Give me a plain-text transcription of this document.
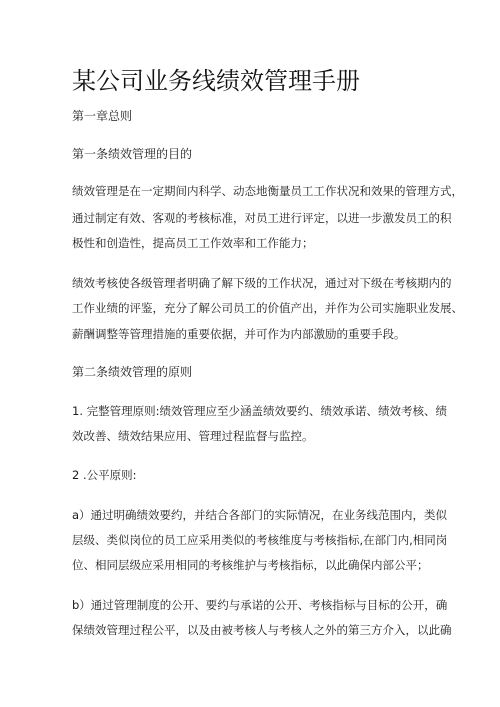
某公司业务线绩效管理手册

第一章总则

第一条绩效管理的目的

绩效管理是在一定期间内科学、动态地衡量员工工作状况和效果的管理方式，

通过制定有效、客观的考核标准，对员工进行评定，以进一步激发员工的积

极性和创造性，提高员工工作效率和工作能力；

绩效考核使各级管理者明确了解下级的工作状况，通过对下级在考核期内的

工作业绩的评鉴，充分了解公司员工的价值产出，并作为公司实施职业发展、

薪酬调整等管理措施的重要依据，并可作为内部激励的重要手段。

第二条绩效管理的原则

1. 完整管理原则:绩效管理应至少涵盖绩效要约、绩效承诺、绩效考核、绩

效改善、绩效结果应用、管理过程监督与监控。

2 .公平原则:

a）通过明确绩效要约，并结合各部门的实际情况，在业务线范围内，类似

层级、类似岗位的员工应采用类似的考核维度与考核指标,在部门内,相同岗

位、相同层级应采用相同的考核维护与考核指标，以此确保内部公平；

b）通过管理制度的公开、要约与承诺的公开、考核指标与目标的公开，确

保绩效管理过程公平，以及由被考核人与考核人之外的第三方介入，以此确
